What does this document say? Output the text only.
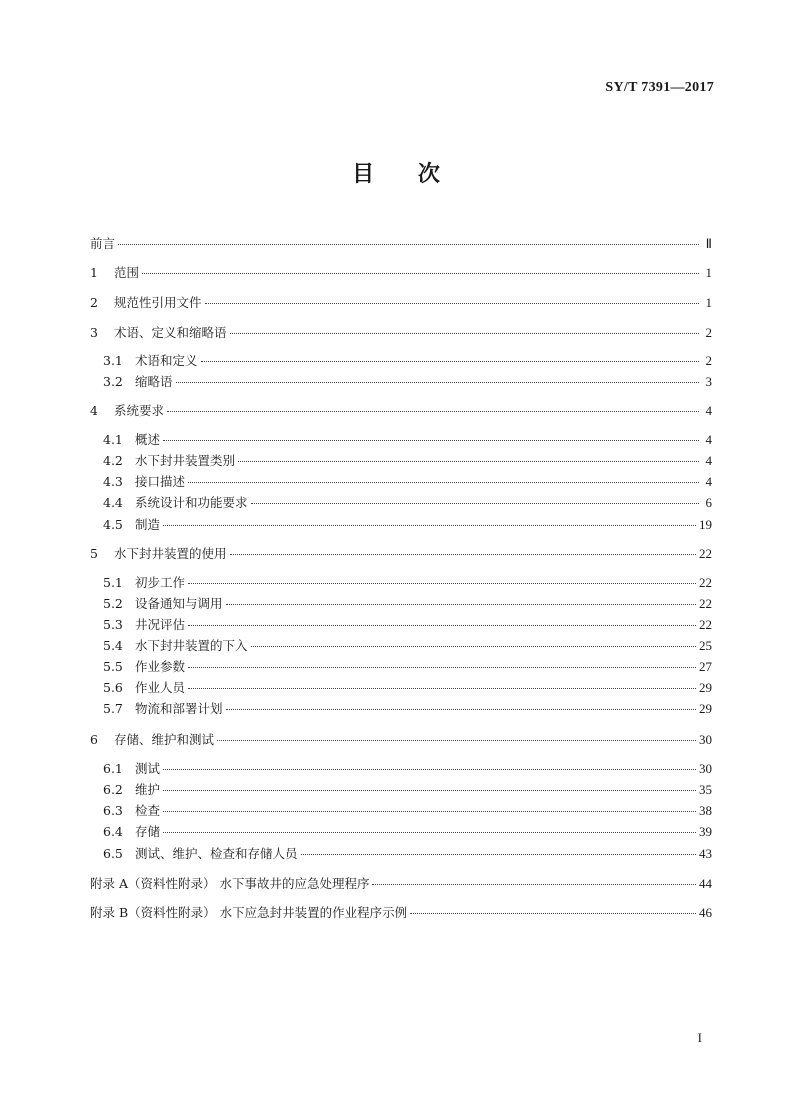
SY/T 7391—2017
目 次
前言	Ⅱ
1	范围	1
2	规范性引用文件	1
3	术语、定义和缩略语	2
3.1 术语和定义	2
3.2 缩略语	3
4	系统要求	4
4.1 概述	4
4.2 水下封井装置类别	4
4.3 接口描述	4
4.4 系统设计和功能要求	6
4.5 制造	19
5	水下封井装置的使用	22
5.1 初步工作	22
5.2 设备通知与调用	22
5.3 井况评估	22
5.4 水下封井装置的下入	25
5.5 作业参数	27
5.6 作业人员	29
5.7 物流和部署计划	29
6	存储、维护和测试	30
6.1 测试	30
6.2 维护	35
6.3 检查	38
6.4 存储	39
6.5 测试、维护、检查和存储人员	43
附录 A（资料性附录） 水下事故井的应急处理程序	44
附录 B（资料性附录） 水下应急封井装置的作业程序示例	46
I
